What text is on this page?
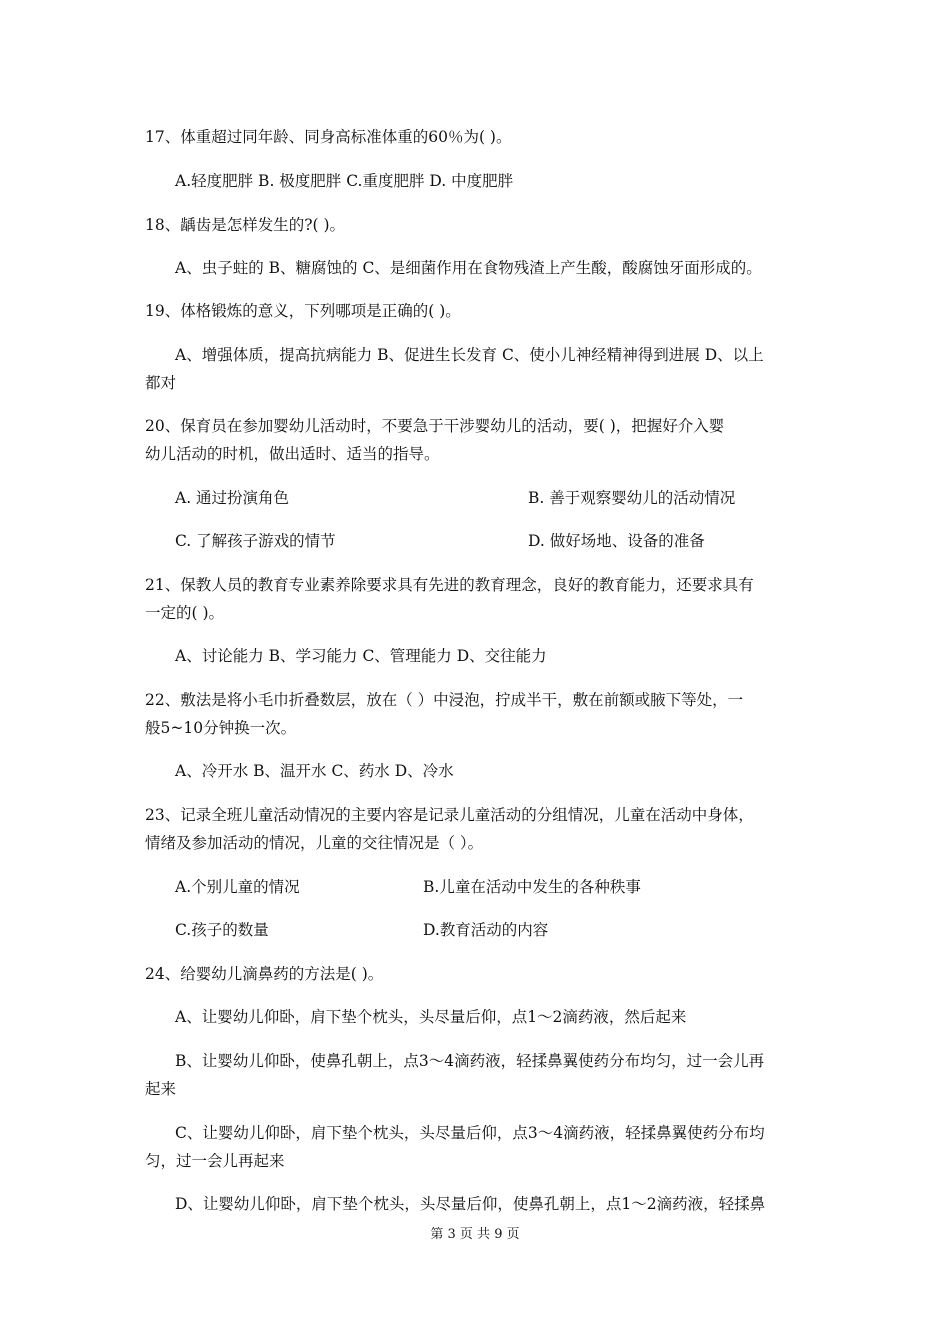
17、体重超过同年龄、同身高标准体重的60％为( )。
A.轻度肥胖 B. 极度肥胖 C.重度肥胖 D. 中度肥胖
18、龋齿是怎样发生的?( )。
A、虫子蛀的 B、糖腐蚀的 C、是细菌作用在食物残渣上产生酸，酸腐蚀牙面形成的。
19、体格锻炼的意义，下列哪项是正确的( )。
A、增强体质，提高抗病能力 B、促进生长发育 C、使小儿神经精神得到进展 D、以上
都对
20、保育员在参加婴幼儿活动时，不要急于干涉婴幼儿的活动，要( )，把握好介入婴
幼儿活动的时机，做出适时、适当的指导。
A. 通过扮演角色	B. 善于观察婴幼儿的活动情况
C. 了解孩子游戏的情节	D. 做好场地、设备的准备
21、保教人员的教育专业素养除要求具有先进的教育理念，良好的教育能力，还要求具有
一定的( )。
A、讨论能力 B、学习能力 C、管理能力 D、交往能力
22、敷法是将小毛巾折叠数层，放在（ ）中浸泡，拧成半干，敷在前额或腋下等处，一
般5~10分钟换一次。
A、冷开水 B、温开水 C、药水 D、冷水
23、记录全班儿童活动情况的主要内容是记录儿童活动的分组情况，儿童在活动中身体，
情绪及参加活动的情况，儿童的交往情况是（ ）。
A.个别儿童的情况	B.儿童在活动中发生的各种秩事
C.孩子的数量	D.教育活动的内容
24、给婴幼儿滴鼻药的方法是( )。
A、让婴幼儿仰卧，肩下垫个枕头，头尽量后仰，点1～2滴药液，然后起来
B、让婴幼儿仰卧，使鼻孔朝上，点3～4滴药液，轻揉鼻翼使药分布均匀，过一会儿再
起来
C、让婴幼儿仰卧，肩下垫个枕头，头尽量后仰，点3～4滴药液，轻揉鼻翼使药分布均
匀，过一会儿再起来
D、让婴幼儿仰卧，肩下垫个枕头，头尽量后仰，使鼻孔朝上，点1～2滴药液，轻揉鼻
第 3 页 共 9 页
